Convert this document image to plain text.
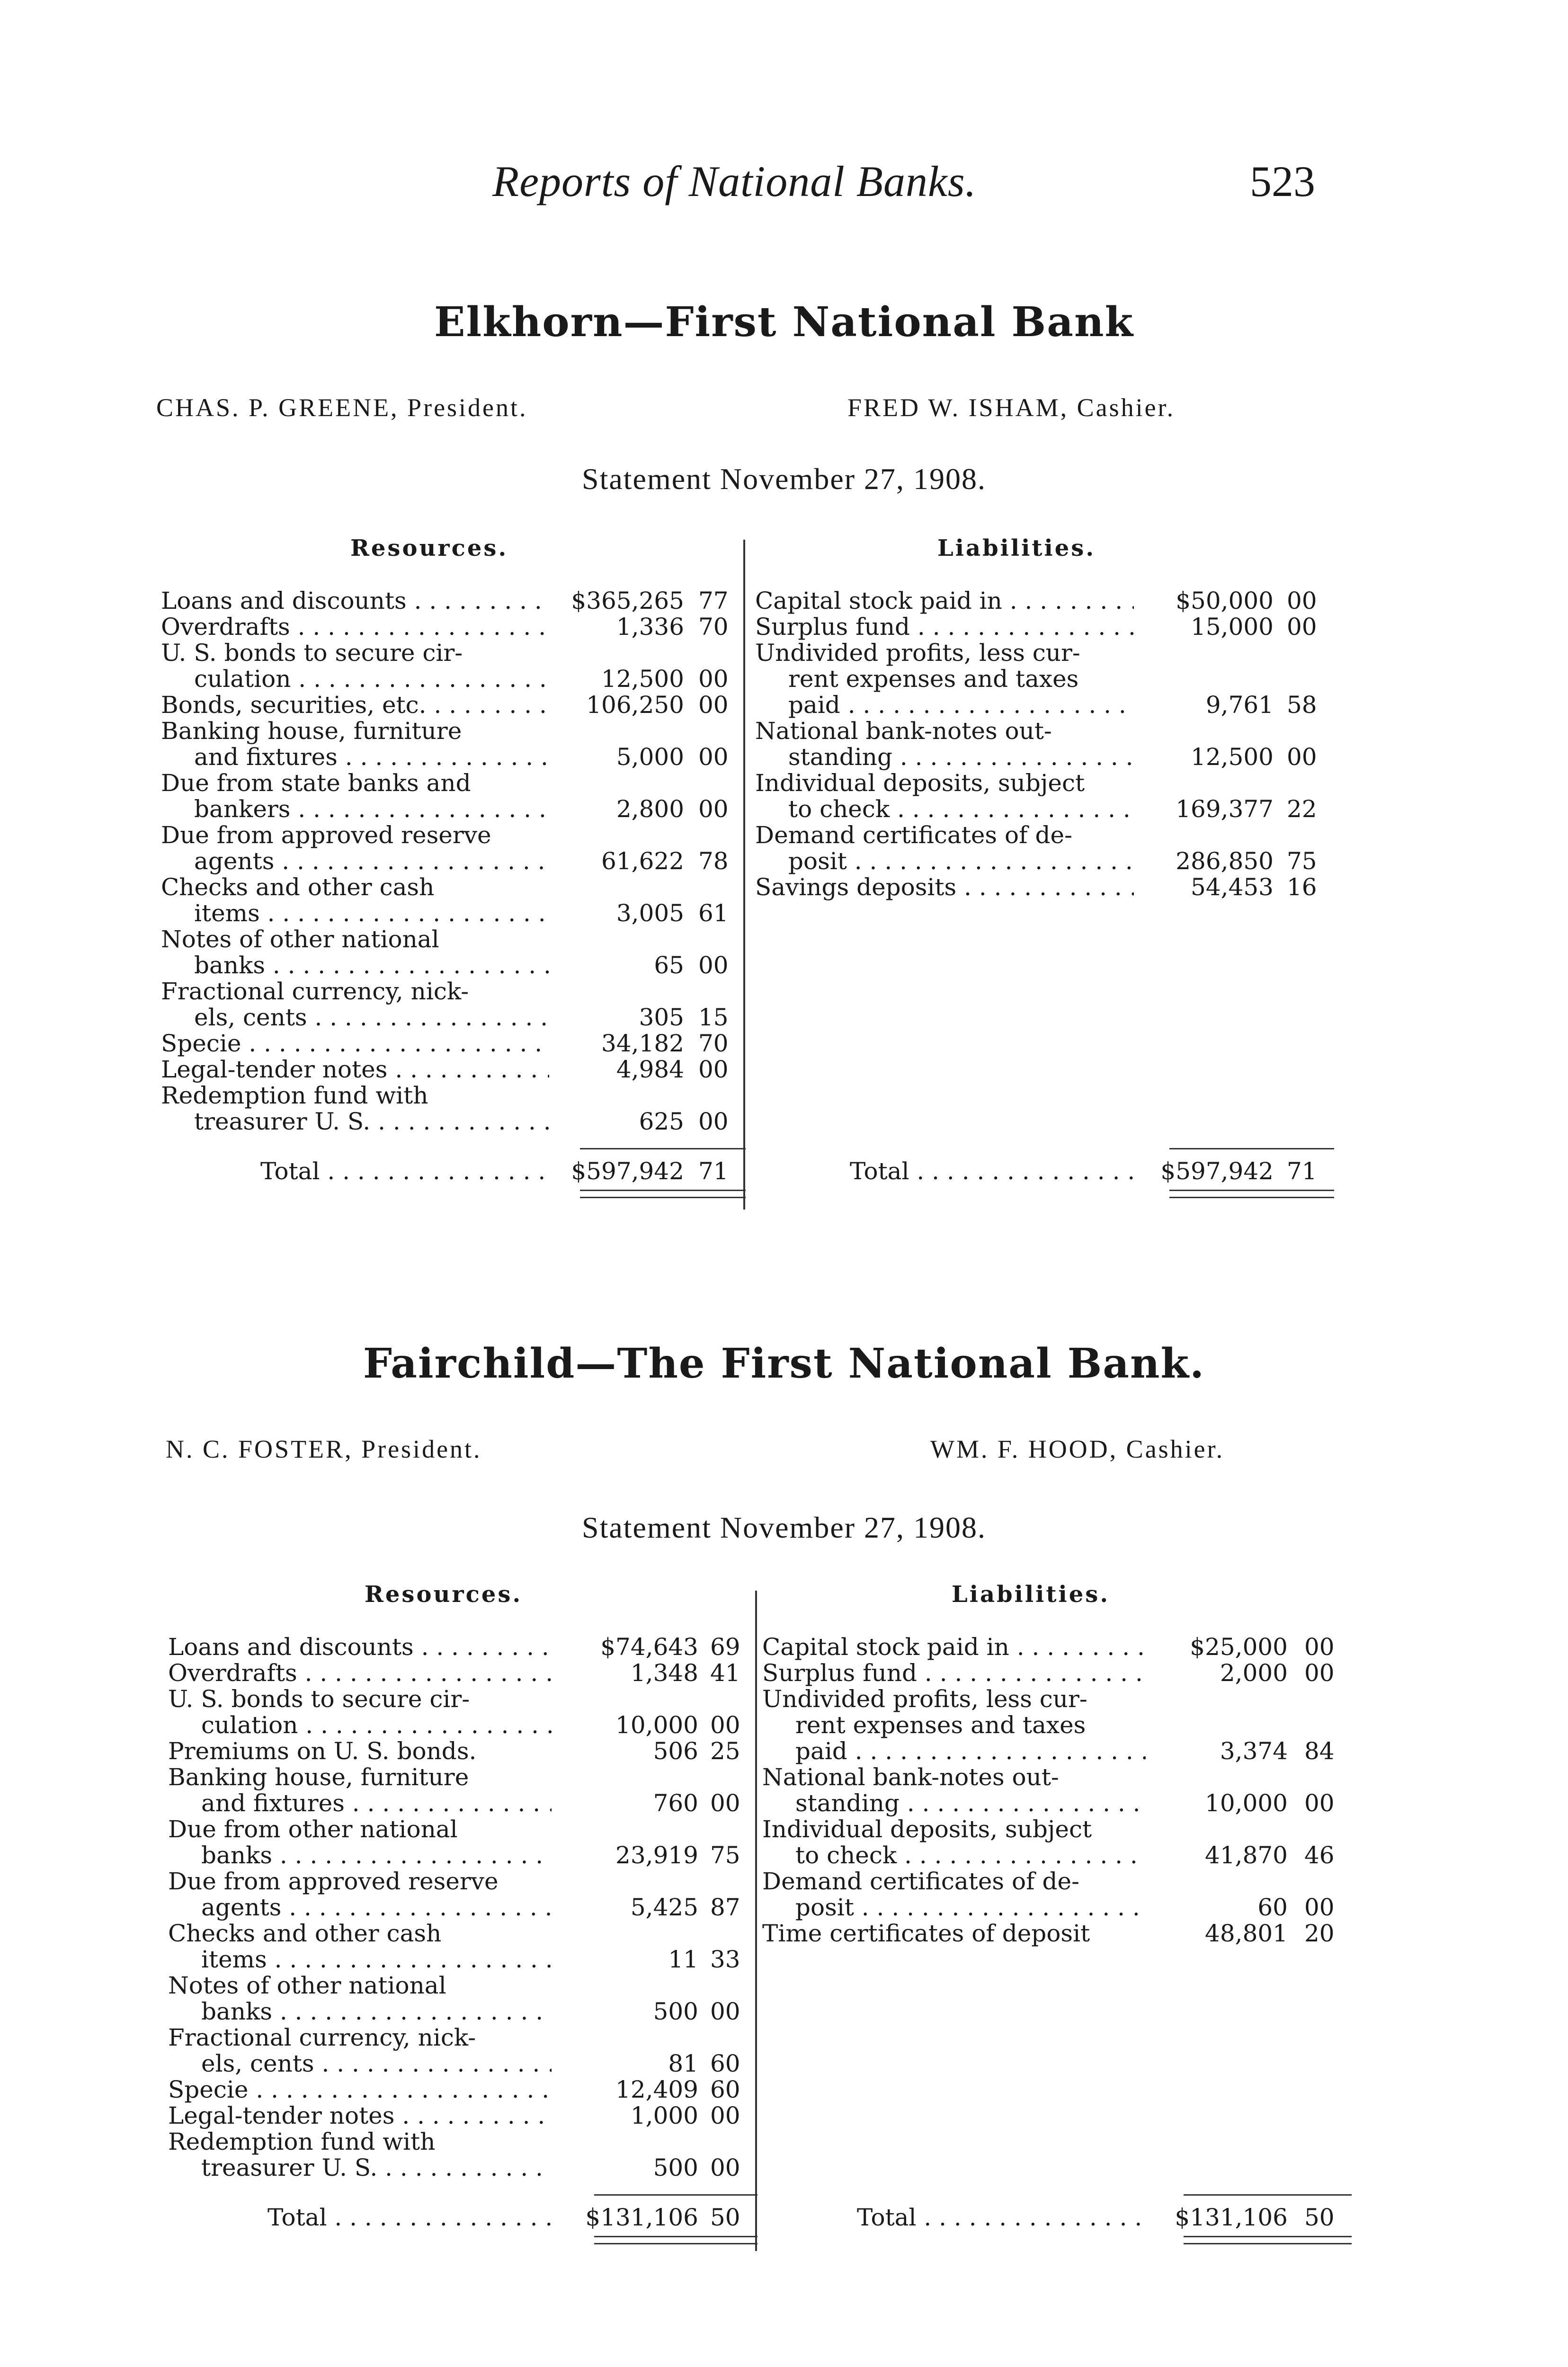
Reports of National Banks.	523
Elkhorn—First National Bank
CHAS. P. GREENE, President.	FRED W. ISHAM, Cashier.
Statement November 27, 1908.
Resources.	Liabilities.
Loans and discounts . . .	$365,265 77
Overdrafts . . .	1,336 70
U. S. bonds to secure cir-
culation . . .	12,500 00
Bonds, securities, etc. . . .	106,250 00
Banking house, furniture
and fixtures . . .	5,000 00
Due from state banks and
bankers . . .	2,800 00
Due from approved reserve
agents . . .	61,622 78
Checks and other cash
items . . .	3,005 61
Notes of other national
banks . . .	65 00
Fractional currency, nick-
els, cents . . .	305 15
Specie . . .	34,182 70
Legal-tender notes . . .	4,984 00
Redemption fund with
treasurer U. S. . . .	625 00
Capital stock paid in . . .	$50,000 00
Surplus fund . . .	15,000 00
Undivided profits, less cur-
rent expenses and taxes
paid . . .	9,761 58
National bank-notes out-
standing . . .	12,500 00
Individual deposits, subject
to check . . .	169,377 22
Demand certificates of de-
posit . . .	286,850 75
Savings deposits . . .	54,453 16
Total . . .	$597,942 71	Total . . .	$597,942 71
Fairchild—The First National Bank.
N. C. FOSTER, President.	WM. F. HOOD, Cashier.
Statement November 27, 1908.
Resources.	Liabilities.
Loans and discounts . . .	$74,643 69
Overdrafts . . .	1,348 41
U. S. bonds to secure cir-
culation . . .	10,000 00
Premiums on U. S. bonds.	506 25
Banking house, furniture
and fixtures . . .	760 00
Due from other national
banks . . .	23,919 75
Due from approved reserve
agents . . .	5,425 87
Checks and other cash
items . . .	11 33
Notes of other national
banks . . .	500 00
Fractional currency, nick-
els, cents . . .	81 60
Specie . . .	12,409 60
Legal-tender notes . . .	1,000 00
Redemption fund with
treasurer U. S. . . .	500 00
Capital stock paid in . . .	$25,000 00
Surplus fund . . .	2,000 00
Undivided profits, less cur-
rent expenses and taxes
paid . . .	3,374 84
National bank-notes out-
standing . . .	10,000 00
Individual deposits, subject
to check . . .	41,870 46
Demand certificates of de-
posit . . .	60 00
Time certificates of deposit	48,801 20
Total . . .	$131,106 50	Total . . .	$131,106 50
